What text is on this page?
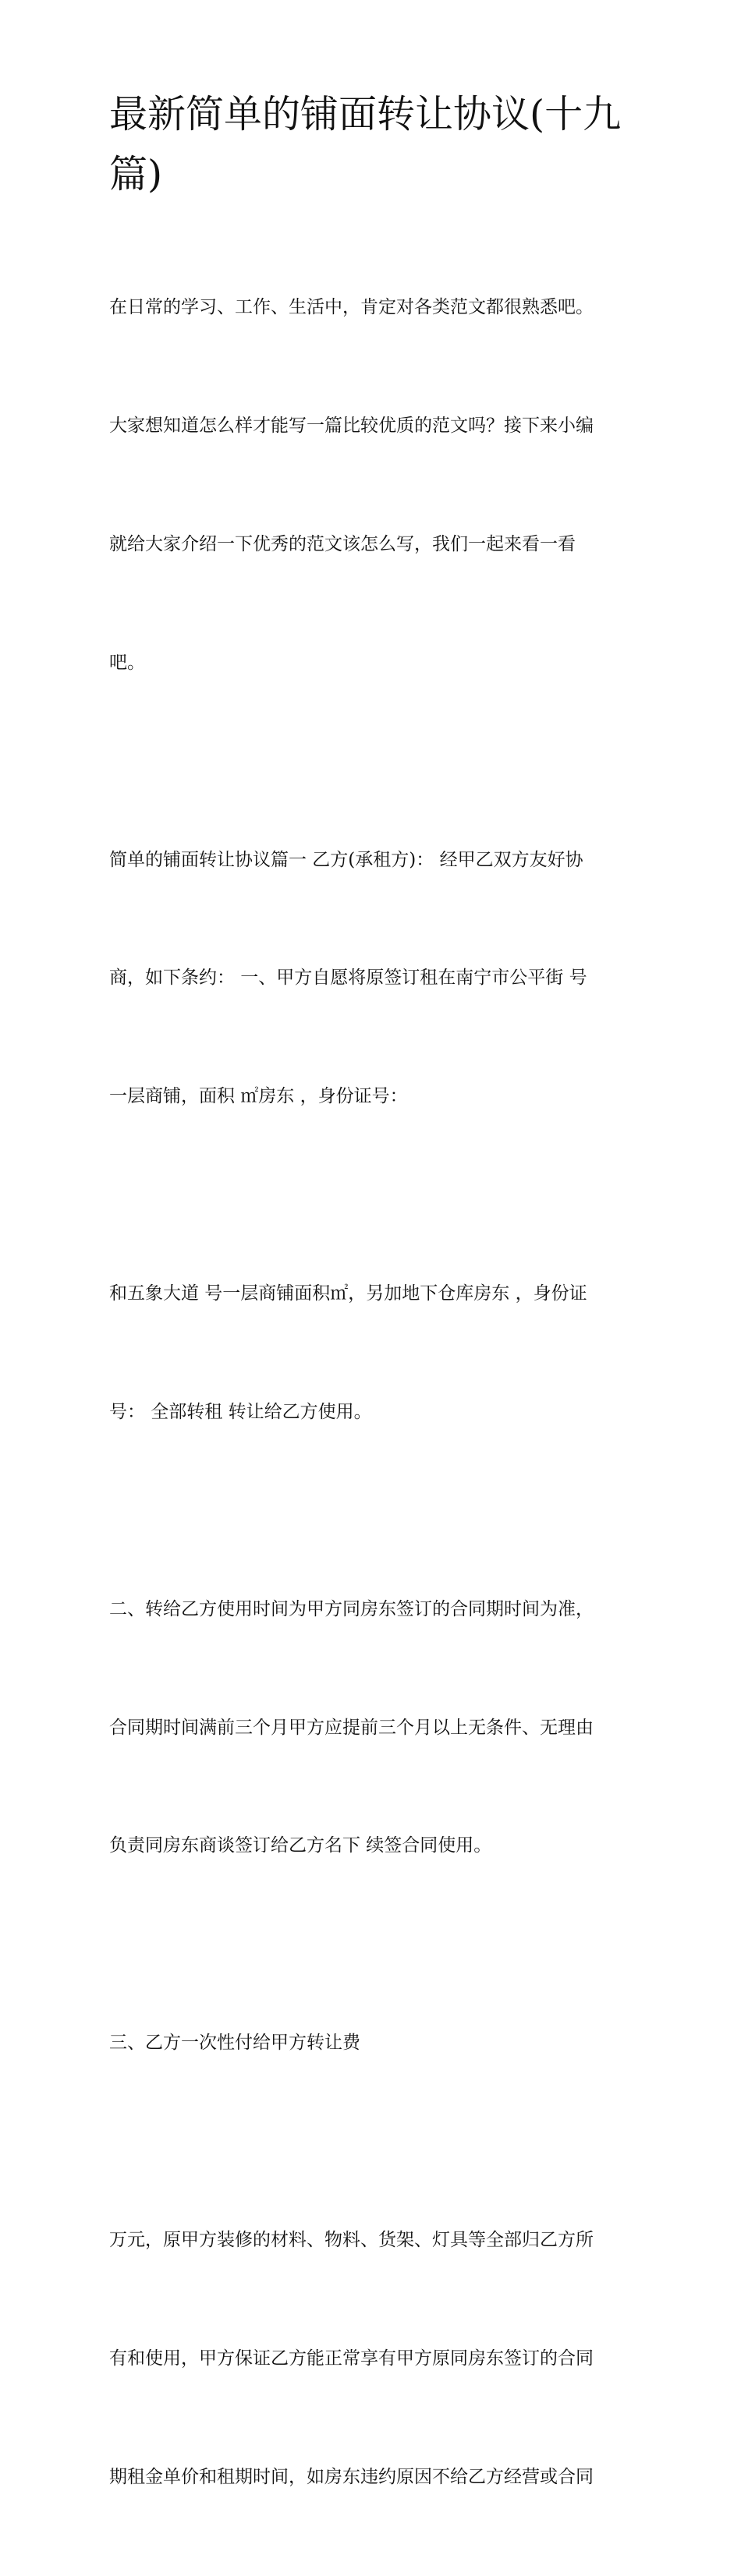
最新简单的铺面转让协议(十九
篇)

在日常的学习、工作、生活中，肯定对各类范文都很熟悉吧。

大家想知道怎么样才能写一篇比较优质的范文吗？接下来小编

就给大家介绍一下优秀的范文该怎么写，我们一起来看一看

吧。

简单的铺面转让协议篇一 乙方(承租方)： 经甲乙双方友好协

商，如下条约： 一、甲方自愿将原签订租在南宁市公平街 号

一层商铺，面积 ㎡房东 ，身份证号：

和五象大道 号一层商铺面积㎡，另加地下仓库房东 ，身份证

号： 全部转租 转让给乙方使用。

二、转给乙方使用时间为甲方同房东签订的合同期时间为准，

合同期时间满前三个月甲方应提前三个月以上无条件、无理由

负责同房东商谈签订给乙方名下 续签合同使用。

三、乙方一次性付给甲方转让费

万元，原甲方装修的材料、物料、货架、灯具等全部归乙方所

有和使用，甲方保证乙方能正常享有甲方原同房东签订的合同

期租金单价和租期时间，如房东违约原因不给乙方经营或合同
